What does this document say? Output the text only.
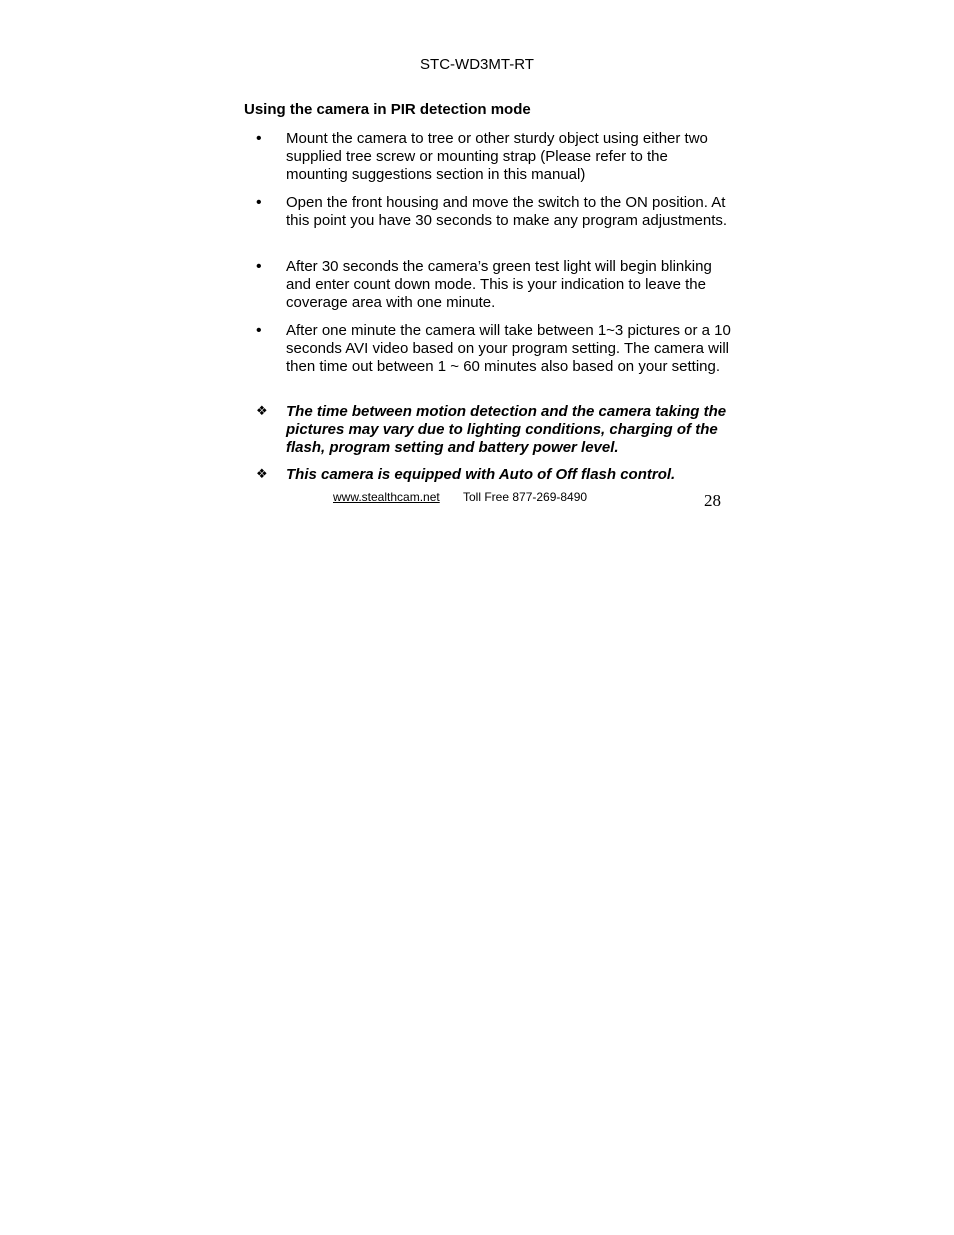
STC-WD3MT-RT
Using the camera in PIR detection mode
•	Mount the camera to tree or other sturdy object using either two supplied tree screw or mounting strap (Please refer to the mounting suggestions section in this manual)
•	Open the front housing and move the switch to the ON position. At this point you have 30 seconds to make any program adjustments.
•	After 30 seconds the camera’s green test light will begin blinking and enter count down mode. This is your indication to leave the coverage area with one minute.
•	After one minute the camera will take between 1~3 pictures or a 10 seconds AVI video based on your program setting. The camera will then time out between 1 ~ 60 minutes also based on your setting.
❖	The time between motion detection and the camera taking the pictures may vary due to lighting conditions, charging of the flash, program setting and battery power level.
❖	This camera is equipped with Auto of Off flash control.
www.stealthcam.net Toll Free 877-269-8490	28
